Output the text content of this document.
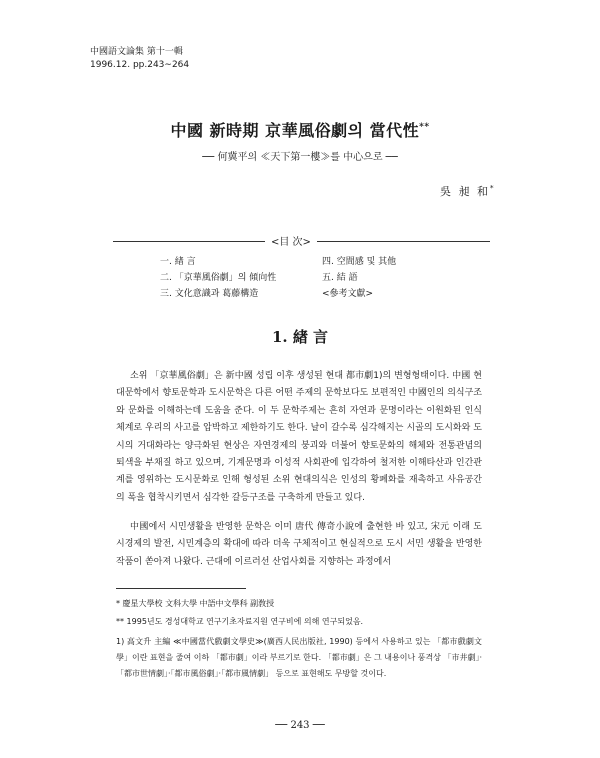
中國語文論集 第十一輯
1996.12. pp.243∼264
中國 新時期 京華風俗劇의 當代性**
── 何冀平의 ≪天下第一樓≫를 中心으로 ──
吳 昶 和*
<目 次>
一. 緖 言
二. 「京華風俗劇」의 傾向性
三. 文化意識과 葛藤構造
四. 空間感 및 其他
五. 結 語
<參考文獻>
1. 緖 言
소위 「京華風俗劇」은 新中國 성립 이후 생성된 현대 都市劇1)의 변형형태이다. 中國 현대문학에서 향토문학과 도시문학은 다른 어떤 주제의 문학보다도 보편적인 中國인의 의식구조와 문화를 이해하는데 도움을 준다. 이 두 문학주제는 흔히 자연과 문명이라는 이원화된 인식체계로 우리의 사고를 압박하고 제한하기도 한다. 날이 갈수록 심각해지는 시골의 도시화와 도시의 거대화라는 양극화된 현상은 자연경제의 붕괴와 더불어 향토문화의 해체와 전통관념의 퇴색을 부채질 하고 있으며, 기계문명과 이성적 사회관에 입각하여 철저한 이해타산과 인간관계를 영위하는 도시문화로 인해 형성된 소위 현대의식은 인성의 황폐화를 재촉하고 사유공간의 폭을 협착시키면서 심각한 갈등구조를 구축하게 만들고 있다.
中國에서 시민생활을 반영한 문학은 이미 唐代 傳奇小說에 출현한 바 있고, 宋元 이래 도시경제의 발전, 시민계층의 확대에 따라 더욱 구체적이고 현실적으로 도시 서민 생활을 반영한 작품이 쏟아져 나왔다. 근대에 이르러선 산업사회를 지향하는 과정에서
* 慶星大學校 文科大學 中語中文學科 副敎授
** 1995년도 경성대학교 연구기초자료지원 연구비에 의해 연구되었음.
1) 高文升 主編 ≪中國當代戲劇文學史≫(廣西人民出版社, 1990) 등에서 사용하고 있는 「都市戲劇文學」이란 표현을 줄여 이하 「都市劇」이라 부르기로 한다. 「都市劇」은 그 내용이나 풍격상 「市井劇」·「都市世情劇」·「都市風俗劇」·「都市風情劇」 등으로 표현해도 무방할 것이다.
── 243 ──
